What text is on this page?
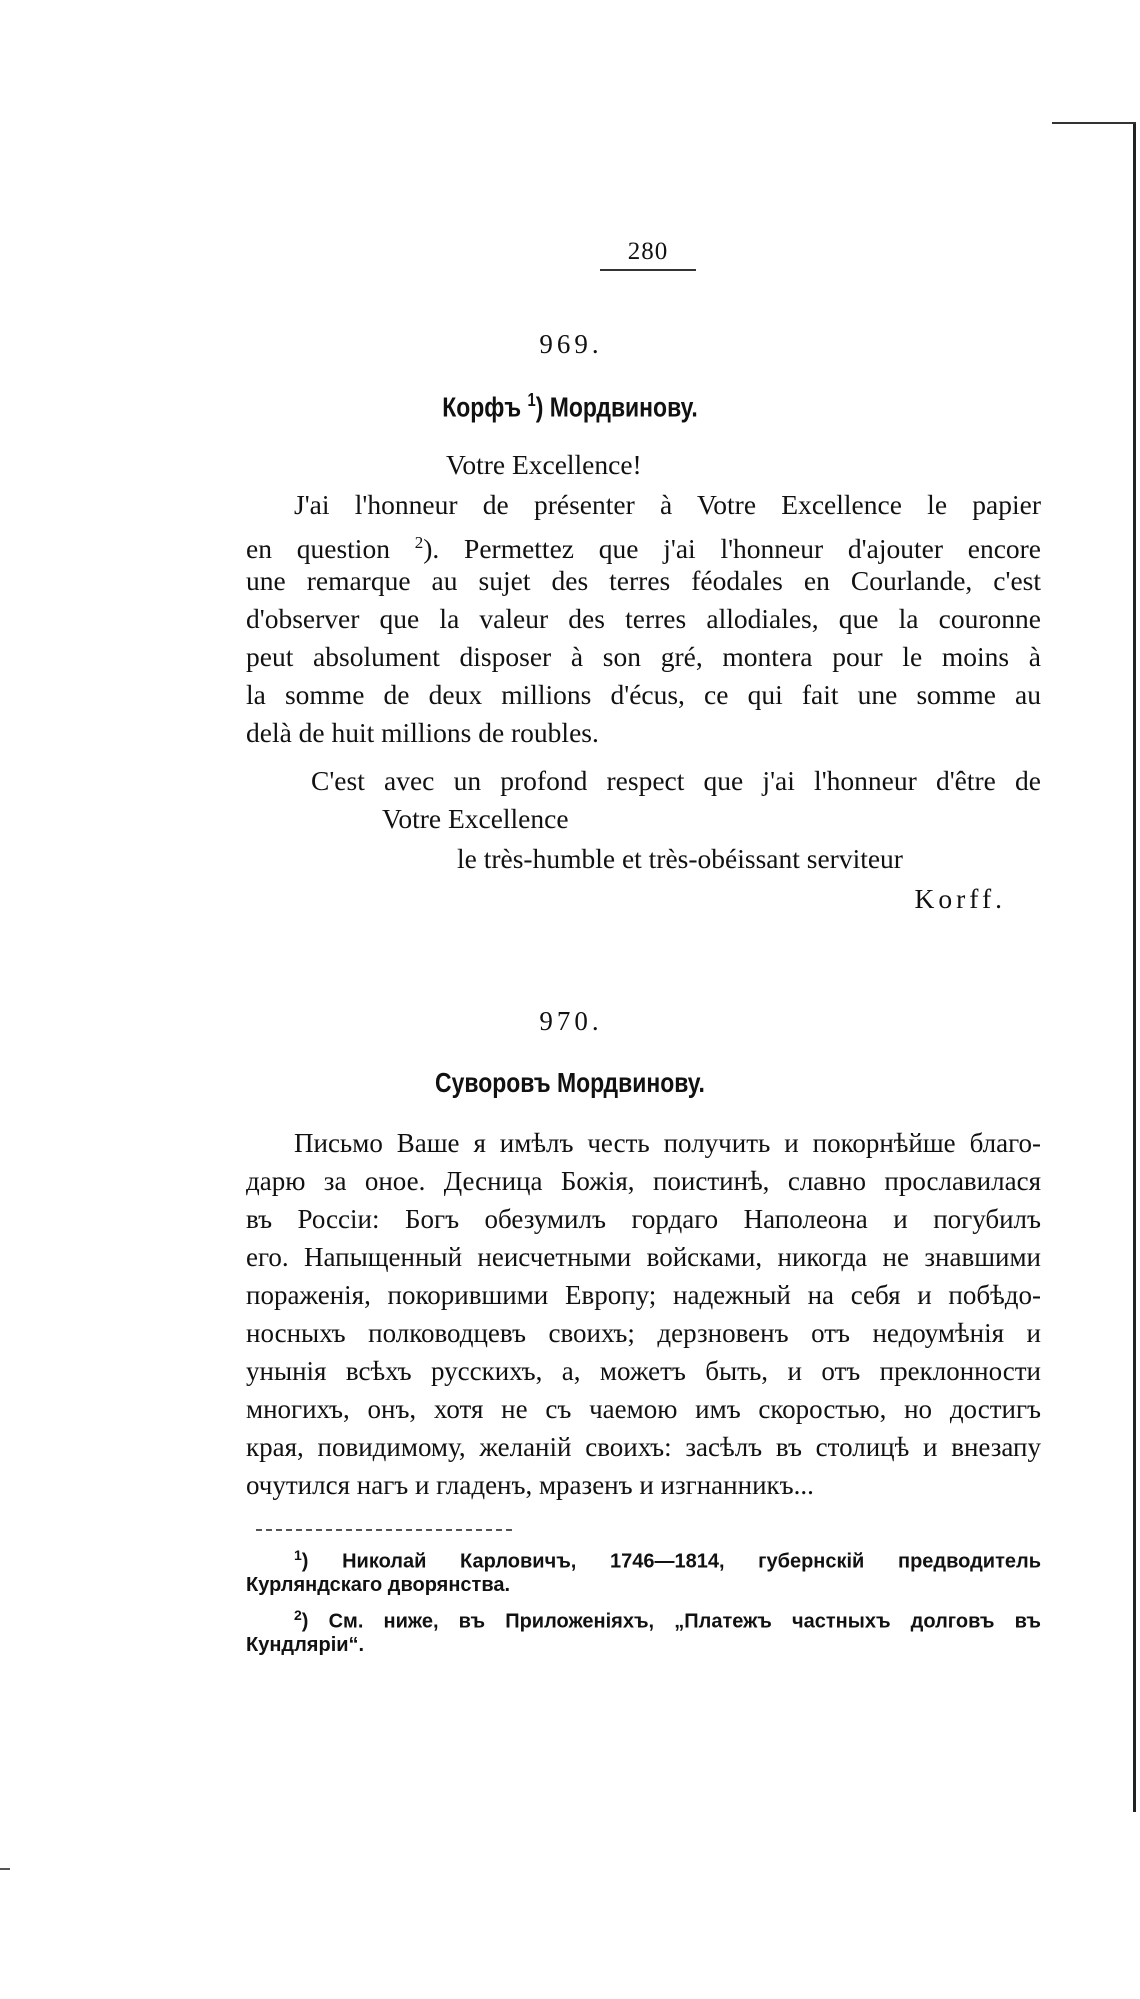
280
969.
Корфъ $^1$) Мордвинову.
Votre Excellence!
J'ai l'honneur de présenter à Votre Excellence le papier
en question $^2$). Permettez que j'ai l'honneur d'ajouter encore
une remarque au sujet des terres féodales en Courlande, c'est
d'observer que la valeur des terres allodiales, que la couronne
peut absolument disposer à son gré, montera pour le moins à
la somme de deux millions d'écus, ce qui fait une somme au
delà de huit millions de roubles.
C'est avec un profond respect que j'ai l'honneur d'être de
Votre Excellence
le très-humble et très-obéissant serviteur
Korff.
970.
Суворовъ Мордвинову.
Письмо Ваше я имѣлъ честь получить и покорнѣйше благо-
дарю за оное. Десница Божія, поистинѣ, славно прославилася
въ Россіи: Богъ обезумилъ гордаго Наполеона и погубилъ
его. Напыщенный неисчетными войсками, никогда не знавшими
пораженія, покорившими Европу; надежный на себя и побѣдо-
носныхъ полководцевъ своихъ; дерзновенъ отъ недоумѣнія и
унынія всѣхъ русскихъ, а, можетъ быть, и отъ преклонности
многихъ, онъ, хотя не съ чаемою имъ скоростью, но достигъ
края, повидимому, желаній своихъ: засѣлъ въ столицѣ и внезапу
очутился нагъ и гладенъ, мразенъ и изгнанникъ...
$^1$) Николай Карловичъ, 1746—1814, губернскій предводитель
Курляндскаго дворянства.
$^2$) См. ниже, въ Приложеніяхъ, „Платежъ частныхъ долговъ въ
Кундляріи“.
